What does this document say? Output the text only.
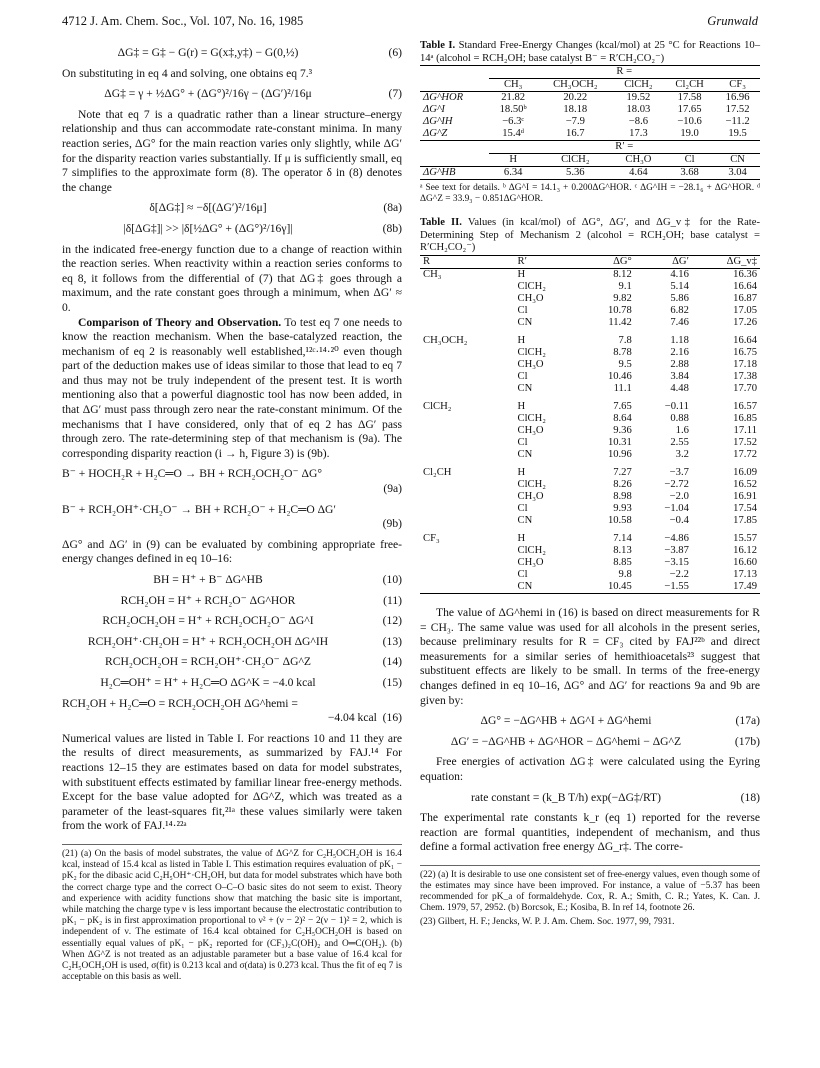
4712 J. Am. Chem. Soc., Vol. 107, No. 16, 1985	Grunwald
ΔG‡ = G‡ − G(r) = G(x‡,y‡) − G(0,½)	(6)

On substituting in eq 4 and solving, one obtains eq 7.³

ΔG‡ = γ + ½ΔG° + (ΔG°)²/16γ − (ΔG′)²/16μ	(7)

Note that eq 7 is a quadratic rather than a linear structure–energy relationship and thus can accommodate rate-constant minima. In many reaction series, ΔG° for the main reaction varies only slightly, while ΔG′ for the disparity reaction varies substantially. If μ is sufficiently small, eq 7 simplifies to the approximate form (8). The operator δ in (8) denotes the change

δ[ΔG‡] ≈ −δ[(ΔG′)²/16μ]	(8a)
|δ[ΔG‡]| >> |δ[½ΔG° + (ΔG°)²/16γ]|	(8b)

in the indicated free-energy function due to a change of reaction within the reaction series. When reactivity within a reaction series conforms to eq 8, it follows from the differential of (7) that ΔG‡ goes through a maximum, and the rate constant goes through a minimum, when ΔG′ ≈ 0.

Comparison of Theory and Observation. To test eq 7 one needs to know the reaction mechanism. When the base-catalyzed reaction, the mechanism of eq 2 is reasonably well established,¹²ᶜ·¹⁴·²⁰ even though part of the deduction makes use of ideas similar to those that lead to eq 7 and thus may not be truly independent of the present test. It is worth mentioning also that a powerful diagnostic tool has now been added, in that ΔG′ must pass through zero near the rate-constant minimum. Of the mechanisms that I have considered, only that of eq 2 has ΔG′ pass through zero. The rate-determining step of that mechanism is (9a). The corresponding disparity reaction (i → h, Figure 3) is (9b).

B⁻ + HOCH₂R + H₂C═O → BH + RCH₂OCH₂O⁻ ΔG°
(9a)
B⁻ + RCH₂OH⁺·CH₂O⁻ → BH + RCH₂O⁻ + H₂C═O ΔG′
(9b)

ΔG° and ΔG′ in (9) can be evaluated by combining appropriate free-energy changes defined in eq 10–16:

BH = H⁺ + B⁻ ΔG^HB	(10)
RCH₂OH = H⁺ + RCH₂O⁻ ΔG^HOR	(11)
RCH₂OCH₂OH = H⁺ + RCH₂OCH₂O⁻ ΔG^I	(12)
RCH₂OH⁺·CH₂OH = H⁺ + RCH₂OCH₂OH ΔG^IH	(13)
RCH₂OCH₂OH = RCH₂OH⁺·CH₂O⁻ ΔG^Z	(14)
H₂C═OH⁺ = H⁺ + H₂C═O ΔG^K = −4.0 kcal	(15)
RCH₂OH + H₂C═O = RCH₂OCH₂OH ΔG^hemi =
−4.04 kcal (16)

Numerical values are listed in Table I. For reactions 10 and 11 they are the results of direct measurements, as summarized by FAJ.¹⁴ For reactions 12–15 they are estimates based on data for model substrates, with substituent effects estimated by familiar linear free-energy methods. Except for the base value adopted for ΔG^Z, which was treated as a parameter of the least-squares fit,²¹ᵃ these values similarly were taken from the work of FAJ.¹⁴·²²ᵃ

(21) (a) On the basis of model substrates, the value of ΔG^Z for C₂H₅OCH₂OH is 16.4 kcal, instead of 15.4 kcal as listed in Table I. This estimation requires evaluation of pK₁ − pK₂ for the dibasic acid C₂H₅OH⁺·CH₂OH, but data for model substrates which have both the correct charge type and the correct O–C–O basic sites do not seem to exist. Theory and experience with acidity functions show that matching the basic site is important, while matching the charge type ν is less important because the electrostatic contribution to pK₁ − pK₂ is in first approximation proportional to ν² + (ν − 2)² − 2(ν − 1)² = 2, which is independent of ν. The estimate of 16.4 kcal obtained for C₂H₅OCH₂OH is based on essentially equal values of pK₁ − pK₂ reported for (CF₃)₂C(OH)₂ and O═C(OH₂). (b) When ΔG^Z is not treated as an adjustable parameter but a base value of 16.4 kcal for C₂H₅OCH₂OH is used, σ(fit) is 0.213 kcal and σ(data) is 0.273 kcal. Thus the fit of eq 7 is acceptable on this basis as well.

Table I. Standard Free-Energy Changes (kcal/mol) at 25 °C for Reactions 10–14ᵃ (alcohol = RCH₂OH; base catalyst B⁻ = R′CH₂CO₂⁻)
	R =				
	CH₃	CH₃OCH₂	ClCH₂	Cl₂CH	CF₃
ΔG^HOR	21.82	20.22	19.52	17.58	16.96
ΔG^I	18.50ᵇ	18.18	18.03	17.65	17.52
ΔG^IH	−6.3ᶜ	−7.9	−8.6	−10.6	−11.2
ΔG^Z	15.4ᵈ	16.7	17.3	19.0	19.5
	R′ =				
	H	ClCH₂	CH₃O	Cl	CN
ΔG^HB	6.34	5.36	4.64	3.68	3.04
ᵃ See text for details. ᵇ ΔG^I = 14.1₃ + 0.200ΔG^HOR. ᶜ ΔG^IH = −28.1₆ + ΔG^HOR. ᵈ ΔG^Z = 33.9₃ − 0.851ΔG^HOR.
Table II. Values (in kcal/mol) of ΔG°, ΔG′, and ΔG_v‡ for the Rate-Determining Step of Mechanism 2 (alcohol = RCH₂OH; base catalyst = R′CH₂CO₂⁻)
R	R′	ΔG°	ΔG′	ΔG_v‡
CH₃	H	8.12	4.16	16.36
	ClCH₂	9.1	5.14	16.64
	CH₃O	9.82	5.86	16.87
	Cl	10.78	6.82	17.05
	CN	11.42	7.46	17.26

CH₃OCH₂	H	7.8	1.18	16.64
	ClCH₂	8.78	2.16	16.75
	CH₃O	9.5	2.88	17.18
	Cl	10.46	3.84	17.38
	CN	11.1	4.48	17.70

ClCH₂	H	7.65	−0.11	16.57
	ClCH₂	8.64	0.88	16.85
	CH₃O	9.36	1.6	17.11
	Cl	10.31	2.55	17.52
	CN	10.96	3.2	17.72

Cl₂CH	H	7.27	−3.7	16.09
	ClCH₂	8.26	−2.72	16.52
	CH₃O	8.98	−2.0	16.91
	Cl	9.93	−1.04	17.54
	CN	10.58	−0.4	17.85

CF₃	H	7.14	−4.86	15.57
	ClCH₂	8.13	−3.87	16.12
	CH₃O	8.85	−3.15	16.60
	Cl	9.8	−2.2	17.13
	CN	10.45	−1.55	17.49

The value of ΔG^hemi in (16) is based on direct measurements for R = CH₃. The same value was used for all alcohols in the present series, because preliminary results for R = CF₃ cited by FAJ²²ᵇ and direct measurements for a similar series of hemithioacetals²³ suggest that substituent effects are likely to be small. In terms of the free-energy changes defined in eq 10–16, ΔG° and ΔG′ for reactions 9a and 9b are given by:

ΔG° = −ΔG^HB + ΔG^I + ΔG^hemi	(17a)
ΔG′ = −ΔG^HB + ΔG^HOR − ΔG^hemi − ΔG^Z	(17b)

Free energies of activation ΔG‡ were calculated using the Eyring equation:

rate constant = (k_B T/h) exp(−ΔG‡/RT)	(18)

The experimental rate constants k_r (eq 1) reported for the reverse reaction are formal quantities, independent of mechanism, and thus define a formal activation free energy ΔG_r‡. The corre-

(22) (a) It is desirable to use one consistent set of free-energy values, even though some of the estimates may since have been improved. For instance, a value of −5.37 has been recommended for pK_a of formaldehyde. Cox, R. A.; Smith, C. R.; Yates, K. Can. J. Chem. 1979, 57, 2952. (b) Borcsok, E.; Kosiba, B. In ref 14, footnote 26.

(23) Gilbert, H. F.; Jencks, W. P. J. Am. Chem. Soc. 1977, 99, 7931.
